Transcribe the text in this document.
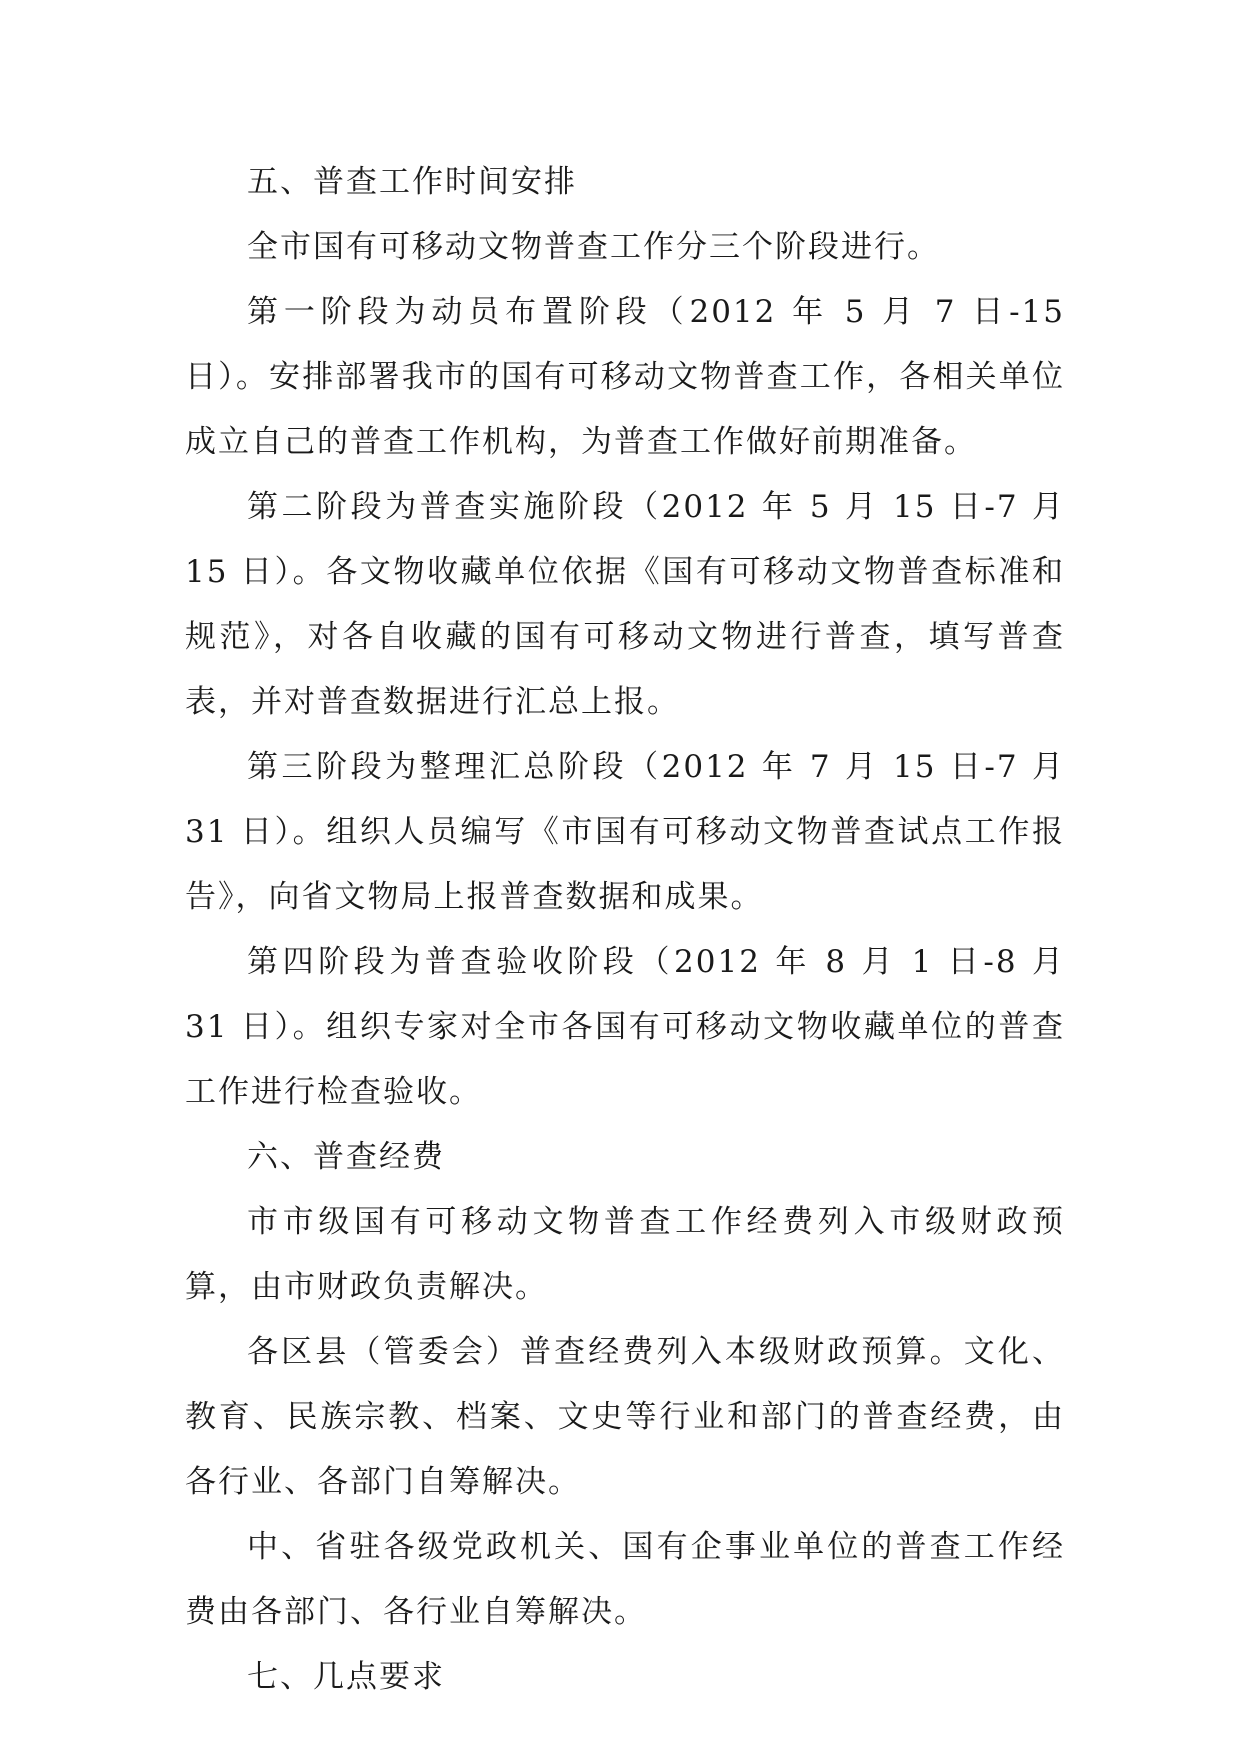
五、普查工作时间安排

全市国有可移动文物普查工作分三个阶段进行。

第一阶段为动员布置阶段（2012 年 5 月 7 日-15 日）。安排部署我市的国有可移动文物普查工作，各相关单位成立自己的普查工作机构，为普查工作做好前期准备。

第二阶段为普查实施阶段（2012 年 5 月 15 日-7 月 15 日）。各文物收藏单位依据《国有可移动文物普查标准和规范》，对各自收藏的国有可移动文物进行普查，填写普查表，并对普查数据进行汇总上报。

第三阶段为整理汇总阶段（2012 年 7 月 15 日-7 月 31 日）。组织人员编写《市国有可移动文物普查试点工作报告》，向省文物局上报普查数据和成果。

第四阶段为普查验收阶段（2012 年 8 月 1 日-8 月 31 日）。组织专家对全市各国有可移动文物收藏单位的普查工作进行检查验收。

六、普查经费

市市级国有可移动文物普查工作经费列入市级财政预算，由市财政负责解决。

各区县（管委会）普查经费列入本级财政预算。文化、教育、民族宗教、档案、文史等行业和部门的普查经费，由各行业、各部门自筹解决。

中、省驻各级党政机关、国有企事业单位的普查工作经费由各部门、各行业自筹解决。

七、几点要求
